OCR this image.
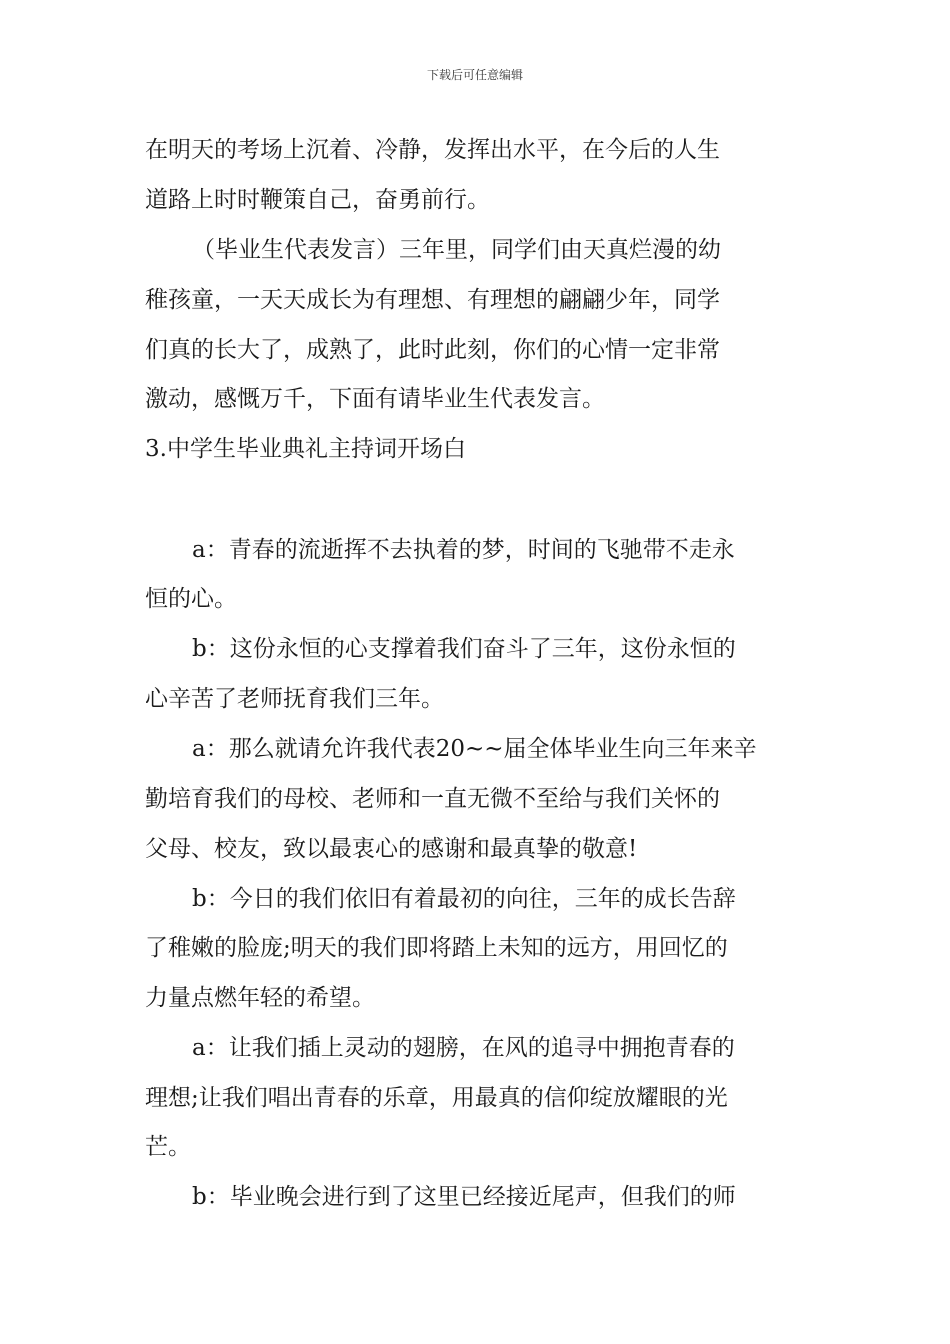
下载后可任意编辑
在明天的考场上沉着、冷静，发挥出水平，在今后的人生
道路上时时鞭策自己，奋勇前行。
（毕业生代表发言）三年里，同学们由天真烂漫的幼
稚孩童，一天天成长为有理想、有理想的翩翩少年，同学
们真的长大了，成熟了，此时此刻，你们的心情一定非常
激动，感慨万千，下面有请毕业生代表发言。
3.中学生毕业典礼主持词开场白
a：青春的流逝挥不去执着的梦，时间的飞驰带不走永
恒的心。
b：这份永恒的心支撑着我们奋斗了三年，这份永恒的
心辛苦了老师抚育我们三年。
a：那么就请允许我代表20~~届全体毕业生向三年来辛
勤培育我们的母校、老师和一直无微不至给与我们关怀的
父母、校友，致以最衷心的感谢和最真挚的敬意!
b：今日的我们依旧有着最初的向往，三年的成长告辞
了稚嫩的脸庞;明天的我们即将踏上未知的远方，用回忆的
力量点燃年轻的希望。
a：让我们插上灵动的翅膀，在风的追寻中拥抱青春的
理想;让我们唱出青春的乐章，用最真的信仰绽放耀眼的光
芒。
b：毕业晚会进行到了这里已经接近尾声，但我们的师
